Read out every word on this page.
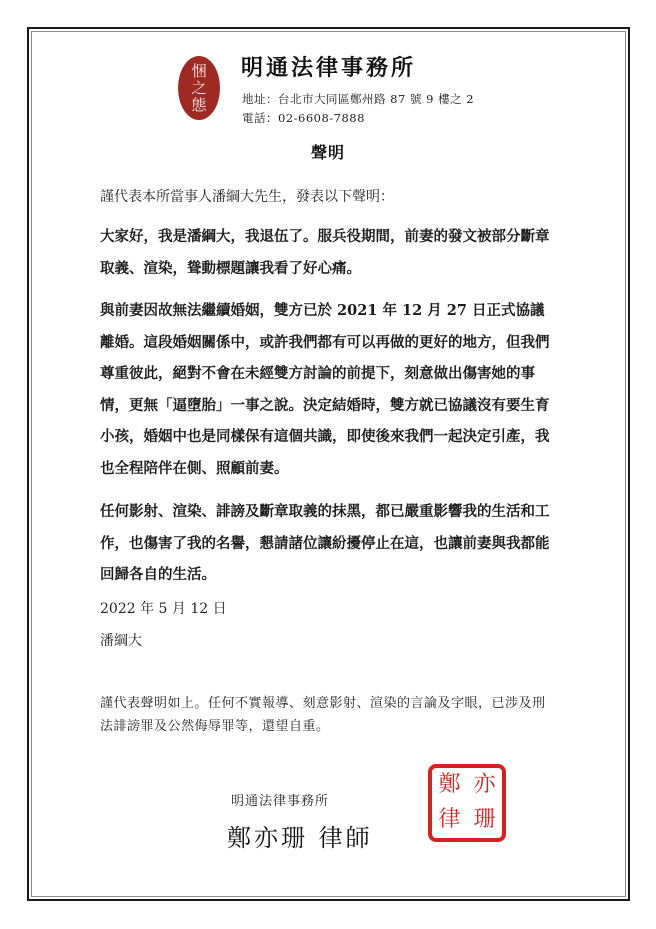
悃
之
態
明通法律事務所
地址：台北市大同區鄭州路 87 號 9 樓之 2
電話：02-6608-7888
聲明
謹代表本所當事人潘綱大先生，發表以下聲明：
大家好，我是潘綱大，我退伍了。服兵役期間，前妻的發文被部分斷章取義、渲染，聳動標題讓我看了好心痛。
與前妻因故無法繼續婚姻，雙方已於 2021 年 12 月 27 日正式協議離婚。這段婚姻關係中，或許我們都有可以再做的更好的地方，但我們尊重彼此，絕對不會在未經雙方討論的前提下，刻意做出傷害她的事情，更無「逼墮胎」一事之說。決定結婚時，雙方就已協議沒有要生育小孩，婚姻中也是同樣保有這個共識，即使後來我們一起決定引產，我也全程陪伴在側、照顧前妻。
任何影射、渲染、誹謗及斷章取義的抹黑，都已嚴重影響我的生活和工作，也傷害了我的名譽，懇請諸位讓紛擾停止在這，也讓前妻與我都能回歸各自的生活。
2022 年 5 月 12 日
潘綱大
謹代表聲明如上。任何不實報導、刻意影射、渲染的言論及字眼，已涉及刑法誹謗罪及公然侮辱罪等，還望自重。
明通法律事務所
鄭亦珊 律師
鄭 亦
律 珊
